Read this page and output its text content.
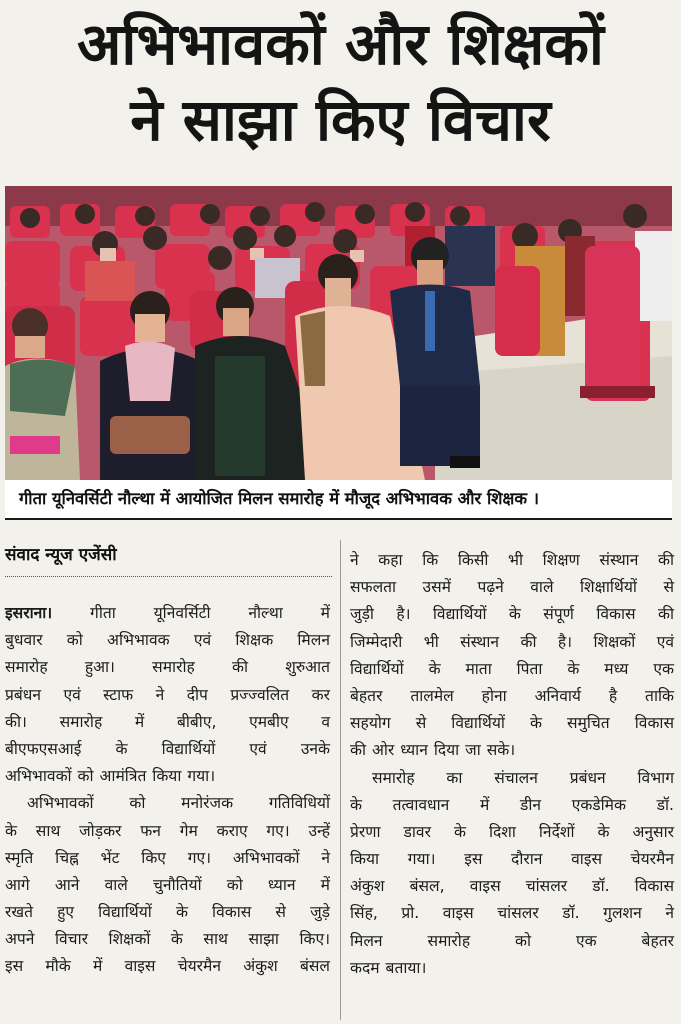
अभिभावकों और शिक्षकों
ने साझा किए विचार
गीता यूनिवर्सिटी नौल्था में आयोजित मिलन समारोह में मौजूद अभिभावक और शिक्षक ।
संवाद न्यूज एजेंसी
इसराना। गीता यूनिवर्सिटी नौल्था में
बुधवार को अभिभावक एवं शिक्षक मिलन
समारोह हुआ। समारोह की शुरुआत
प्रबंधन एवं स्टाफ ने दीप प्रज्ज्वलित कर
की। समारोह में बीबीए, एमबीए व
बीएफएसआई के विद्यार्थियों एवं उनके
अभिभावकों को आमंत्रित किया गया।
अभिभावकों को मनोरंजक गतिविधियों
के साथ जोड़कर फन गेम कराए गए। उन्हें
स्मृति चिह्न भेंट किए गए। अभिभावकों ने
आगे आने वाले चुनौतियों को ध्यान में
रखते हुए विद्यार्थियों के विकास से जुड़े
अपने विचार शिक्षकों के साथ साझा किए।
इस मौके में वाइस चेयरमैन अंकुश बंसल
ने कहा कि किसी भी शिक्षण संस्थान की
सफलता उसमें पढ़ने वाले शिक्षार्थियों से
जुड़ी है। विद्यार्थियों के संपूर्ण विकास की
जिम्मेदारी भी संस्थान की है। शिक्षकों एवं
विद्यार्थियों के माता पिता के मध्य एक
बेहतर तालमेल होना अनिवार्य है ताकि
सहयोग से विद्यार्थियों के समुचित विकास
की ओर ध्यान दिया जा सके।
समारोह का संचालन प्रबंधन विभाग
के तत्वावधान में डीन एकडेमिक डॉ.
प्रेरणा डावर के दिशा निर्देशों के अनुसार
किया गया। इस दौरान वाइस चेयरमैन
अंकुश बंसल, वाइस चांसलर डॉ. विकास
सिंह, प्रो. वाइस चांसलर डॉ. गुलशन ने
मिलन समारोह को एक बेहतर
कदम बताया।
